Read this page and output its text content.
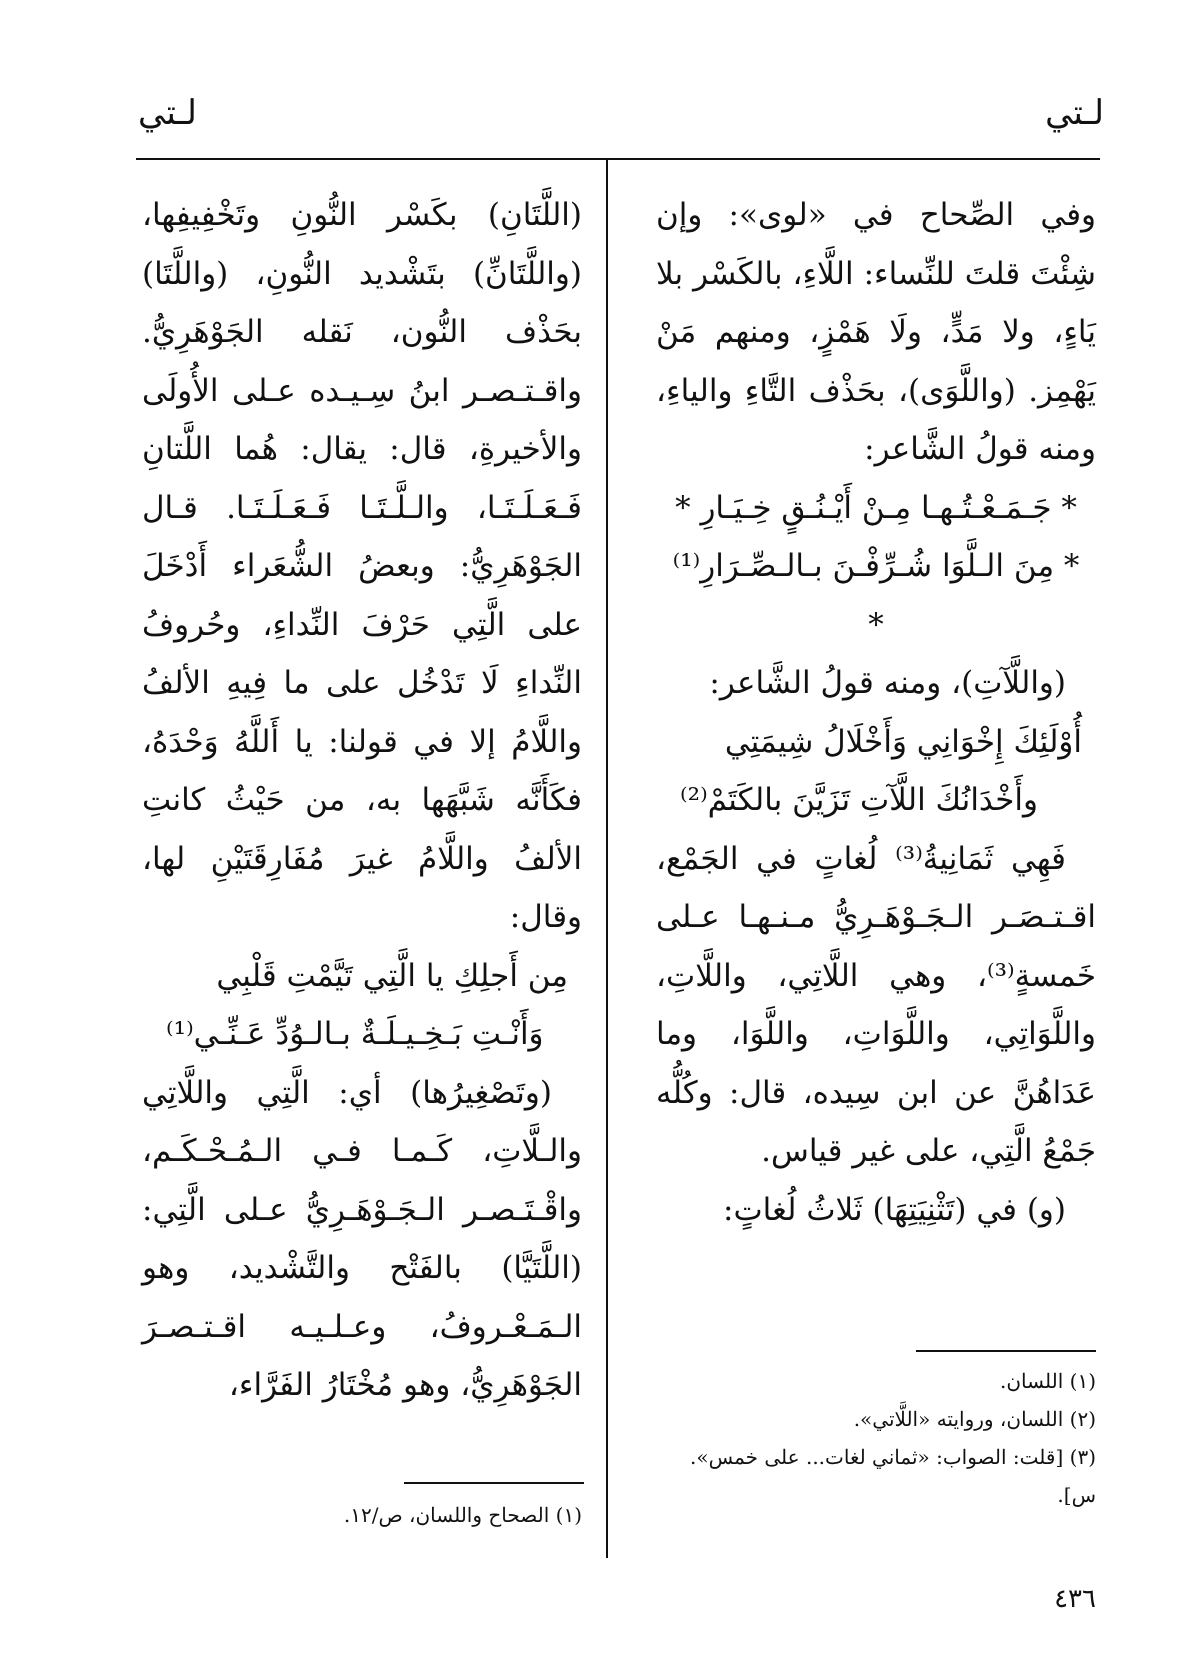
لـتي
لـتي

وفي الصِّحاح في «لوى»: وإن شِئْتَ قلتَ للنِّساء: اللَّاءِ، بالكَسْر بلا يَاءٍ، ولا مَدٍّ، ولَا هَمْزٍ، ومنهم مَنْ يَهْمِز. (واللَّوَى)، بحَذْف التَّاءِ والياءِ، ومنه قولُ الشَّاعر:

* جَـمَـعْـتُـهـا مِـنْ أَيْـنُـقٍ خِـيَـارِ *

* مِنَ الـلَّوَا شُـرِّفْـنَ بـالـصِّـرَارِ⁽¹⁾ *

(واللَّآتِ)، ومنه قولُ الشَّاعر:

أُوْلَئِكَ إِخْوَانِي وَأَخْلَالُ شِيمَتِي

وأَخْدَانُكَ اللَّآتِ تَزَيَّنَ بالكَتَمْ⁽²⁾

فَهِي ثَمَانِيةُ⁽³⁾ لُغاتٍ في الجَمْع، اقـتـصَـر الـجَـوْهَـرِيُّ مـنـهـا عـلى خَمسةٍ⁽³⁾، وهي اللَّاتِي، واللَّاتِ، واللَّوَاتِي، واللَّوَاتِ، واللَّوَا، وما عَدَاهُنَّ عن ابن سِيده، قال: وكُلُّه جَمْعُ الَّتِي، على غير قياس.

(و) في (تَثْنِيَتِهَا) ثَلاثُ لُغاتٍ:

(اللَّتَانِ) بكَسْر النُّونِ وتَخْفِيفِها، (واللَّتَانِّ) بتَشْديد النُّونِ، (واللَّتَا) بحَذْف النُّون، نَقله الجَوْهَرِيُّ. واقـتـصـر ابنُ سِـيـده عـلى الأُولَى والأخيرةِ، قال: يقال: هُما اللَّتانِ فَـعَـلَـتَـا، والـلَّـتَـا فَـعَـلَـتَـا. قـال الجَوْهَرِيُّ: وبعضُ الشُّعَراء أَدْخَلَ على الَّتِي حَرْفَ النِّداءِ، وحُروفُ النِّداءِ لَا تَدْخُل على ما فِيهِ الألفُ واللَّامُ إلا في قولنا: يا أَللَّهُ وَحْدَهُ، فكَأَنَّه شَبَّهَها به، من حَيْثُ كانتِ الألفُ واللَّامُ غيرَ مُفَارِقَتَيْنِ لها، وقال:

مِن أَجلِكِ يا الَّتِي تَيَّمْتِ قَلْبِي

وَأَنْـتِ بَـخِـيـلَـةٌ بـالـوُدِّ عَـنِّـي⁽¹⁾

(وتَصْغِيرُها) أي: الَّتِي واللَّاتِي والـلَّاتِ، كَـمـا فـي الـمُـحْـكَـم، واقْـتَـصـر الـجَـوْهَـرِيُّ عـلى الَّتِي: (اللَّتَيَّا) بالفَتْح والتَّشْديد، وهو الـمَـعْـروفُ، وعـلـيـه اقـتـصـرَ الجَوْهَرِيُّ، وهو مُخْتَارُ الفَرَّاء،	(١) اللسان.

(٢) اللسان، وروايته «اللَّاتي».

(٣) [قلت: الصواب: «ثماني لغات... على خمس». س].

(١) الصحاح واللسان، ص/١٢.

٤٣٦
